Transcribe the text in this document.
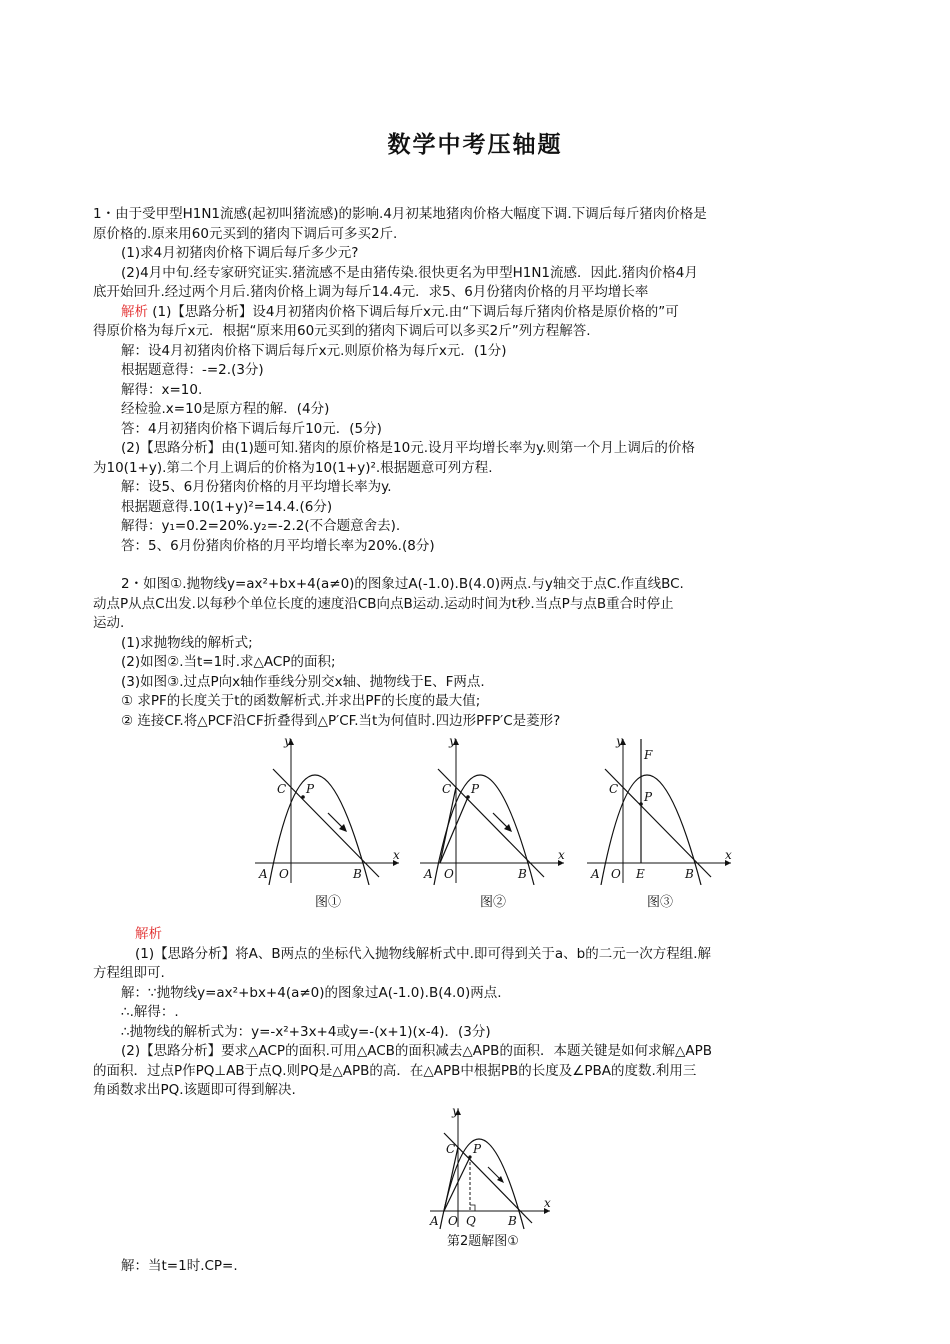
数学中考压轴题

1・由于受甲型H1N1流感(起初叫猪流感)的影响.4月初某地猪肉价格大幅度下调.下调后每斤猪肉价格是

原价格的.原来用60元买到的猪肉下调后可多买2斤.

(1)求4月初猪肉价格下调后每斤多少元?

(2)4月中旬.经专家研究证实.猪流感不是由猪传染.很快更名为甲型H1N1流感．因此.猪肉价格4月

底开始回升.经过两个月后.猪肉价格上调为每斤14.4元．求5、6月份猪肉价格的月平均增长率

解析 (1)【思路分析】设4月初猪肉价格下调后每斤x元.由“下调后每斤猪肉价格是原价格的”可

得原价格为每斤x元．根据“原来用60元买到的猪肉下调后可以多买2斤”列方程解答.

解：设4月初猪肉价格下调后每斤x元.则原价格为每斤x元．(1分)

根据题意得：-=2.(3分)

解得：x=10.

经检验.x=10是原方程的解．(4分)

答：4月初猪肉价格下调后每斤10元．(5分)

(2)【思路分析】由(1)题可知.猪肉的原价格是10元.设月平均增长率为y.则第一个月上调后的价格

为10(1+y).第二个月上调后的价格为10(1+y)².根据题意可列方程.

解：设5、6月份猪肉价格的月平均增长率为y.

根据题意得.10(1+y)²=14.4.(6分)

解得：y₁=0.2=20%.y₂=-2.2(不合题意舍去).

答：5、6月份猪肉价格的月平均增长率为20%.(8分)

2・如图①.抛物线y=ax²+bx+4(a≠0)的图象过A(-1.0).B(4.0)两点.与y轴交于点C.作直线BC.

动点P从点C出发.以每秒个单位长度的速度沿CB向点B运动.运动时间为t秒.当点P与点B重合时停止

运动.

(1)求抛物线的解析式;

(2)如图②.当t=1时.求△ACP的面积;

(3)如图③.过点P向x轴作垂线分别交x轴、抛物线于E、F两点.

① 求PF的长度关于t的函数解析式.并求出PF的长度的最大值;

② 连接CF.将△PCF沿CF折叠得到△P′CF.当t为何值时.四边形PFP′C是菱形?

y
x
C P
A O	B
图①
y
x
C P
A O	B
图②
y
x
C
P
F
A O E	B
图③

解析

(1)【思路分析】将A、B两点的坐标代入抛物线解析式中.即可得到关于a、b的二元一次方程组.解

方程组即可.

解：∵抛物线y=ax²+bx+4(a≠0)的图象过A(-1.0).B(4.0)两点.

∴.解得：.

∴抛物线的解析式为：y=-x²+3x+4或y=-(x+1)(x-4)．(3分)

(2)【思路分析】要求△ACP的面积.可用△ACB的面积减去△APB的面积．本题关键是如何求解△APB

的面积．过点P作PQ⊥AB于点Q.则PQ是△APB的高．在△APB中根据PB的长度及∠PBA的度数.利用三

角函数求出PQ.该题即可得到解决.

y
x
C P
A O Q	B
第2题解图①

解：当t=1时.CP=.
